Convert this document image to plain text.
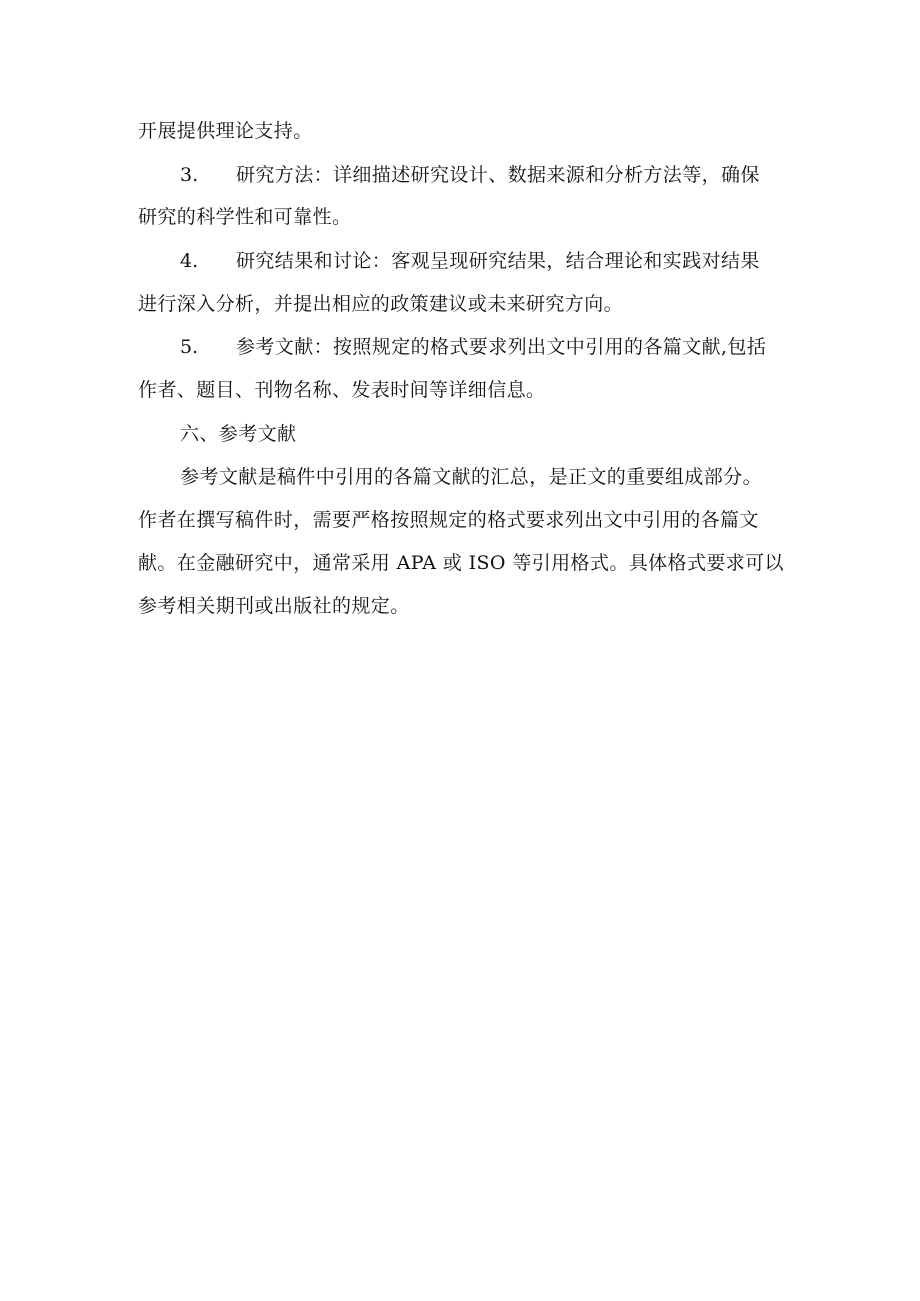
开展提供理论支持。
3. 研究方法：详细描述研究设计、数据来源和分析方法等，确保
研究的科学性和可靠性。
4. 研究结果和讨论：客观呈现研究结果，结合理论和实践对结果
进行深入分析，并提出相应的政策建议或未来研究方向。
5. 参考文献：按照规定的格式要求列出文中引用的各篇文献,包括
作者、题目、刊物名称、发表时间等详细信息。
六、参考文献
参考文献是稿件中引用的各篇文献的汇总，是正文的重要组成部分。
作者在撰写稿件时，需要严格按照规定的格式要求列出文中引用的各篇文
献。在金融研究中，通常采用 APA 或 ISO 等引用格式。具体格式要求可以
参考相关期刊或出版社的规定。
